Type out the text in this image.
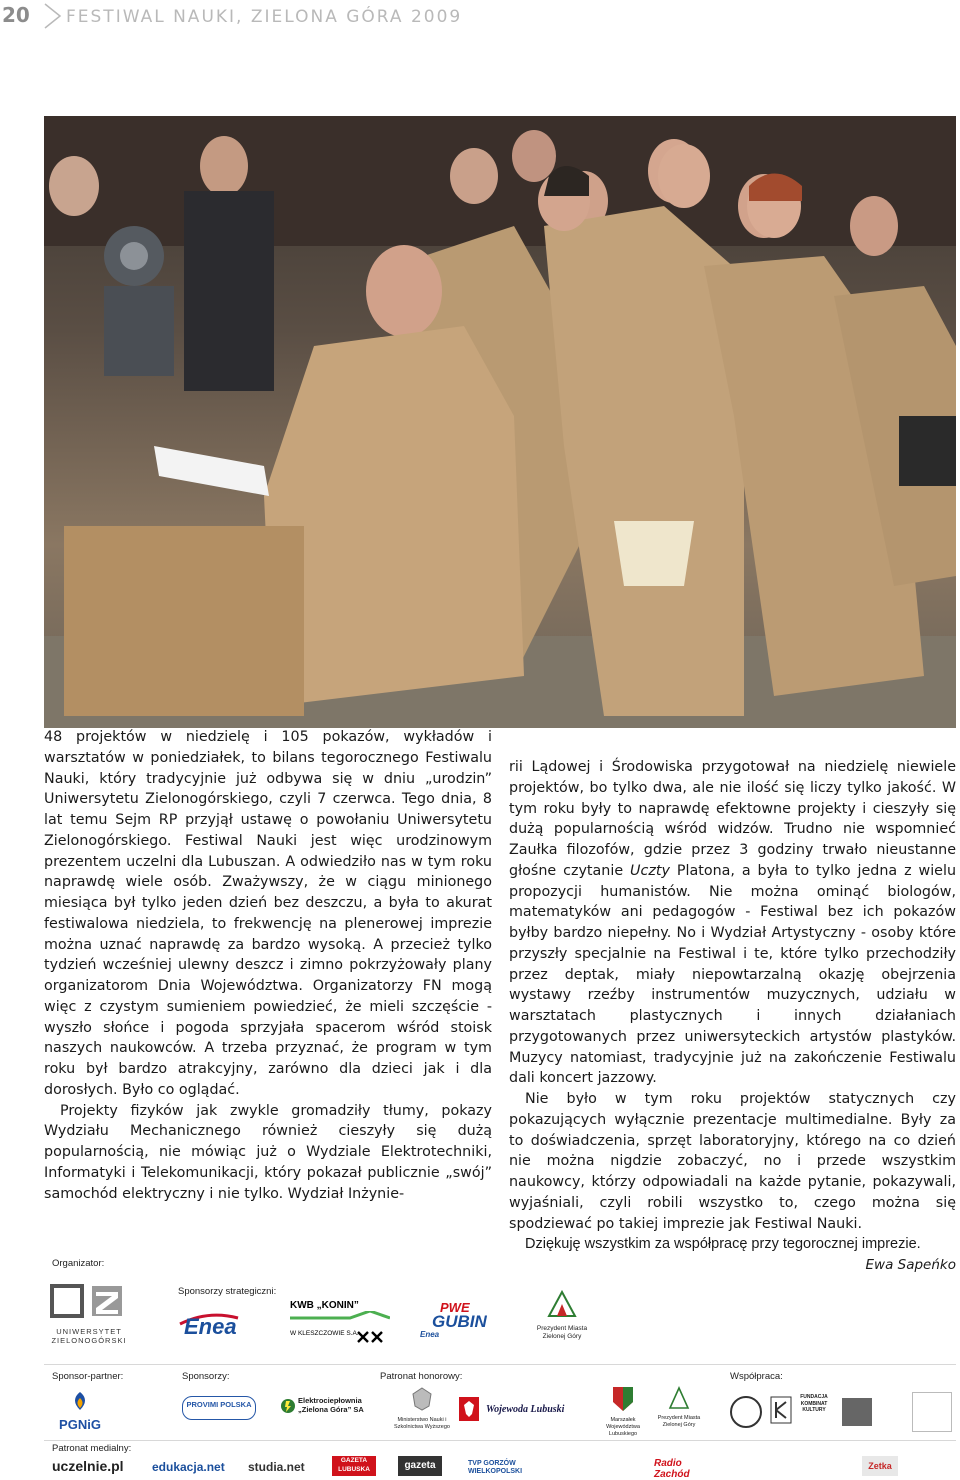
20 FESTIWAL NAUKI, ZIELONA GÓRA 2009

48 projektów w niedzielę i 105 pokazów, wykładów i warsztatów w poniedziałek, to bilans tegorocznego Festiwalu Nauki, który tradycyjnie już odbywa się w dniu „urodzin” Uniwersytetu Zielonogórskiego, czyli 7 czerwca. Tego dnia, 8 lat temu Sejm RP przyjął ustawę o powołaniu Uniwersytetu Zielonogórskiego. Festiwal Nauki jest więc urodzinowym prezentem uczelni dla Lubuszan. A odwiedziło nas w tym roku naprawdę wiele osób. Zważywszy, że w ciągu minionego miesiąca był tylko jeden dzień bez deszczu, a była to akurat festiwalowa niedziela, to frekwencję na plenerowej imprezie można uznać naprawdę za bardzo wysoką. A przecież tylko tydzień wcześniej ulewny deszcz i zimno pokrzyżowały plany organizatorom Dnia Województwa. Organizatorzy FN mogą więc z czystym sumieniem powiedzieć, że mieli szczęście - wyszło słońce i pogoda sprzyjała spacerom wśród stoisk naszych naukowców. A trzeba przyznać, że program w tym roku był bardzo atrakcyjny, zarówno dla dzieci jak i dla dorosłych. Było co oglądać.

Projekty fizyków jak zwykle gromadziły tłumy, pokazy Wydziału Mechanicznego również cieszyły się dużą popularnością, nie mówiąc już o Wydziale Elektrotechniki, Informatyki i Telekomunikacji, który pokazał publicznie „swój” samochód elektryczny i nie tylko. Wydział Inżynie-

rii Lądowej i Środowiska przygotował na niedzielę niewiele projektów, bo tylko dwa, ale nie ilość się liczy tylko jakość. W tym roku były to naprawdę efektowne projekty i cieszyły się dużą popularnością wśród widzów. Trudno nie wspomnieć Zaułka filozofów, gdzie przez 3 godziny trwało nieustanne głośne czytanie Uczty Platona, a była to tylko jedna z wielu propozycji humanistów. Nie można ominąć biologów, matematyków ani pedagogów - Festiwal bez ich pokazów byłby bardzo niepełny. No i Wydział Artystyczny - osoby które przyszły specjalnie na Festiwal i te, które tylko przechodziły przez deptak, miały niepowtarzalną okazję obejrzenia wystawy rzeźby instrumentów muzycznych, udziału w warsztatach plastycznych i innych działaniach przygotowanych przez uniwersyteckich artystów plastyków. Muzycy natomiast, tradycyjnie już na zakończenie Festiwalu dali koncert jazzowy.

Nie było w tym roku projektów statycznych czy pokazujących wyłącznie prezentacje multimedialne. Były za to doświadczenia, sprzęt laboratoryjny, którego na co dzień nie można nigdzie zobaczyć, no i przede wszystkim naukowcy, którzy odpowiadali na każde pytanie, pokazywali, wyjaśniali, czyli robili wszystko to, czego można się spodziewać po takiej imprezie jak Festiwal Nauki.

Dziękuję wszystkim za współpracę przy tegorocznej imprezie.

Ewa Sapeńko

Organizator:
Sponsorzy strategiczni:
UNIWERSYTET ZIELONOGÓRSKI
Enea
KWB „KONIN”
W KLESZCZOWIE S.A.
PWE
GUBIN
Enea
Prezydent Miasta Zielonej Góry
Sponsor-partner:	Sponsorzy:	Patronat honorowy:	Współpraca:
PGNiG
PROVIMI POLSKA	Elektrociepłownia „Zielona Góra” SA
Ministerstwo Nauki i Szkolnictwa Wyższego
Wojewoda Lubuski
Marszałek Województwa Lubuskiego
Prezydent Miasta Zielonej Góry
FUNDACJA KOMBINAT KULTURY
Patronat medialny:
uczelnie.pl edukacja.net studia.net	GAZETA LUBUSKA	gazeta	TVP GORZÓW WIELKOPOLSKI
Radio Zachód
Zetka
